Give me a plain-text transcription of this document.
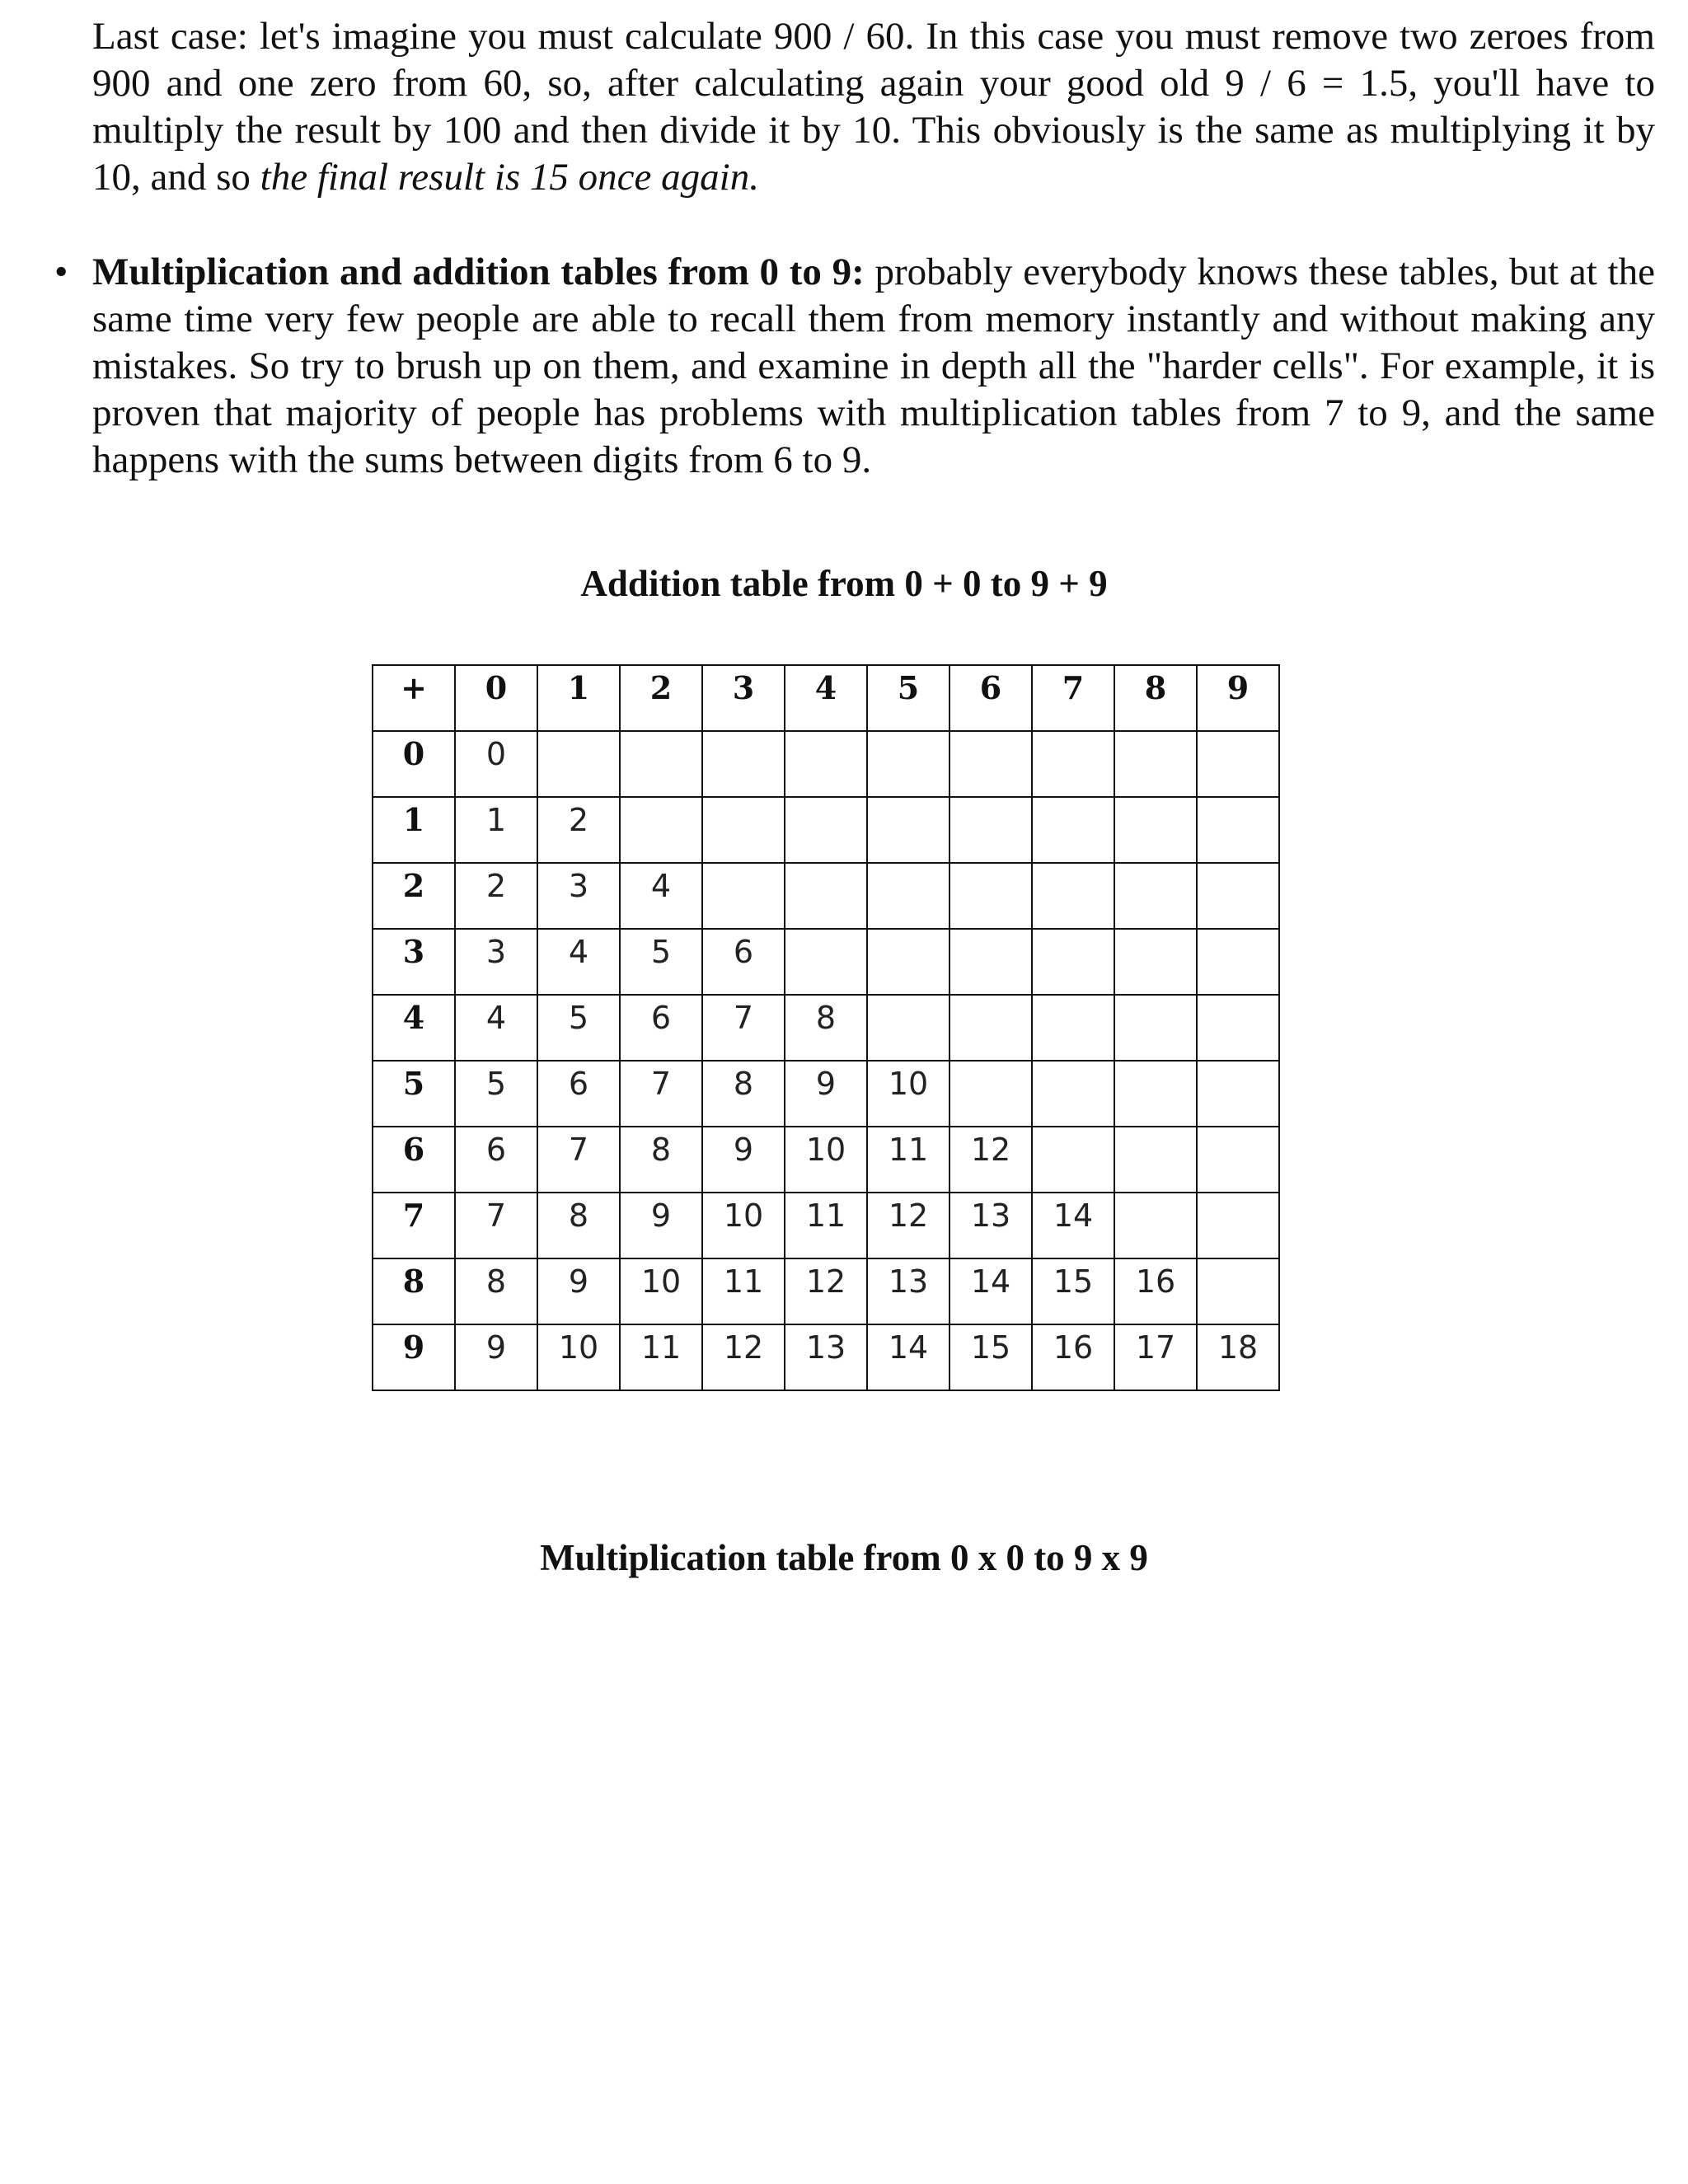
Last case: let's imagine you must calculate 900 / 60. In this case you must remove two zeroes from 900 and one zero from 60, so, after calculating again your good old 9 / 6 = 1.5, you'll have to multiply the result by 100 and then divide it by 10. This obviously is the same as multiplying it by 10, and so the final result is 15 once again.

• Multiplication and addition tables from 0 to 9: probably everybody knows these tables, but at the same time very few people are able to recall them from memory instantly and without making any mistakes. So try to brush up on them, and examine in depth all the "harder cells". For example, it is proven that majority of people has problems with multiplication tables from 7 to 9, and the same happens with the sums between digits from 6 to 9.

Addition table from 0 + 0 to 9 + 9
+	0	1	2	3	4	5	6	7	8	9
0	0									
1	1	2								
2	2	3	4							
3	3	4	5	6						
4	4	5	6	7	8					
5	5	6	7	8	9	10				
6	6	7	8	9	10	11	12			
7	7	8	9	10	11	12	13	14		
8	8	9	10	11	12	13	14	15	16	
9	9	10	11	12	13	14	15	16	17	18
Multiplication table from 0 x 0 to 9 x 9
